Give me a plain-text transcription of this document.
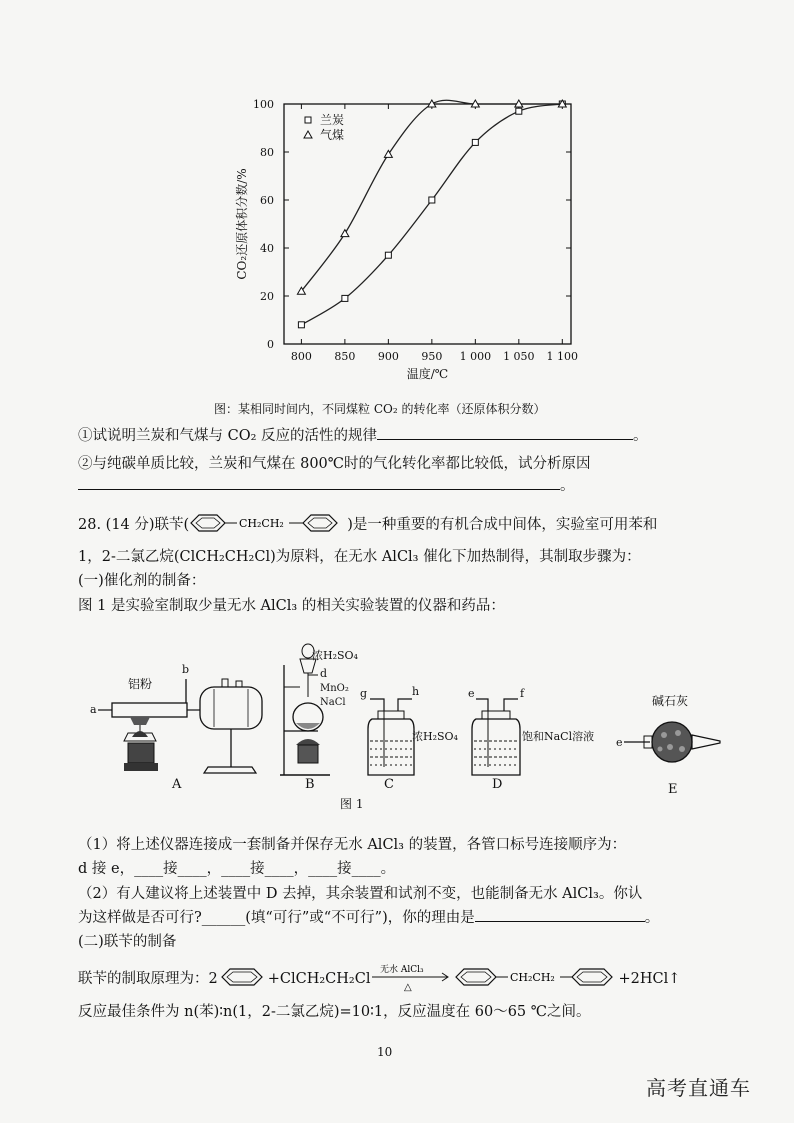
0
20
40
60
80
100
800 850 900 950 1 000 1 050 1 100
温度/℃
CO₂还原体积分数/%
兰炭
气煤
图：某相同时间内，不同煤粒 CO₂ 的转化率（还原体积分数）
①试说明兰炭和气煤与 CO₂ 反应的活性的规律	。
②与纯碳单质比较，兰炭和气煤在 800℃时的气化转化率都比较低，试分析原因
。
28. (14 分)联苄(	CH₂CH₂	)是一种重要的有机合成中间体，实验室可用苯和
1，2-二氯乙烷(ClCH₂CH₂Cl)为原料，在无水 AlCl₃ 催化下加热制得，其制取步骤为：
(一)催化剂的制备：
图 1 是实验室制取少量无水 AlCl₃ 的相关实验装置的仪器和药品：
铝粉
b
a
A
浓H₂SO₄
d
MnO₂
NaCl
B
g	h
浓H₂SO₄
C
e	f
饱和NaCl溶液
D
碱石灰
e
E
图 1
（1）将上述仪器连接成一套制备并保存无水 AlCl₃ 的装置，各管口标号连接顺序为：
d 接 e，____接____，____接____，____接____。
（2）有人建议将上述装置中 D 去掉，其余装置和试剂不变，也能制备无水 AlCl₃。你认
为这样做是否可行?______(填“可行”或“不可行”)，你的理由是	。
(二)联苄的制备
联苄的制取原理为：2	+ClCH₂CH₂Cl
无水 AlCl₃
△
CH₂CH₂	+2HCl↑
反应最佳条件为 n(苯)∶n(1，2-二氯乙烷)=10∶1，反应温度在 60～65 ℃之间。
10
高考直通车
